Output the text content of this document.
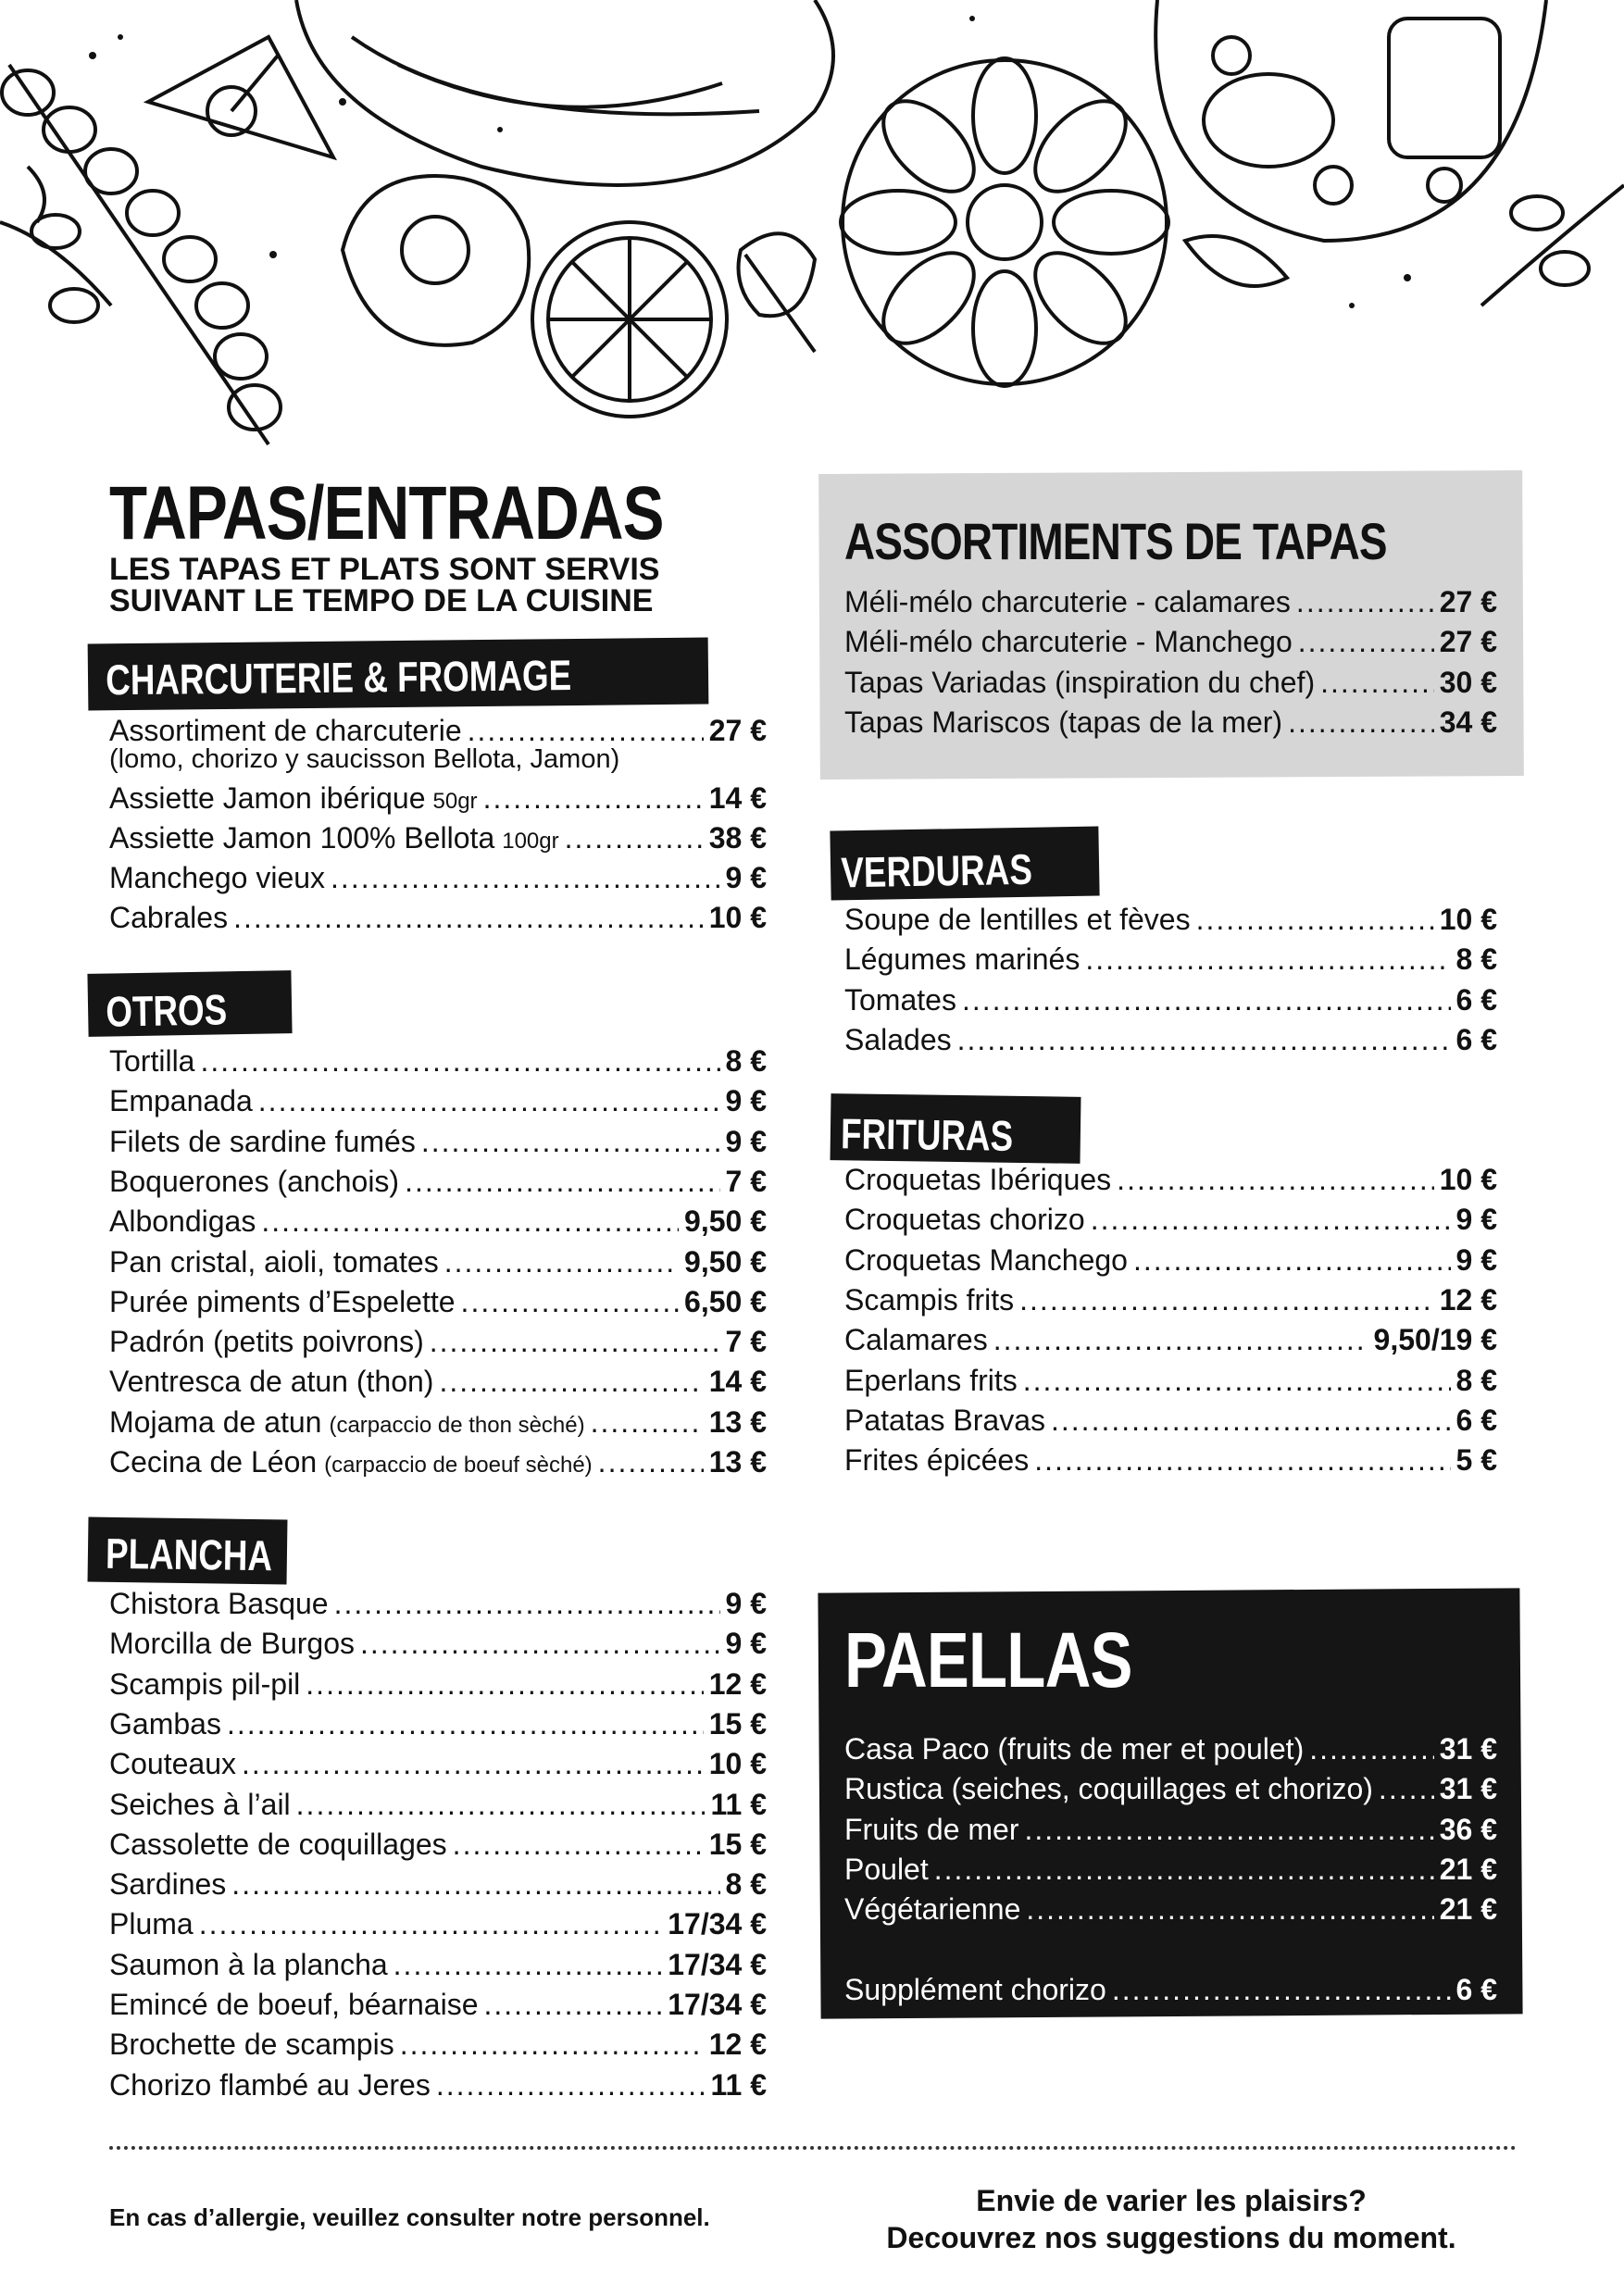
TAPAS/ENTRADAS
LES TAPAS ET PLATS SONT SERVIS
SUIVANT LE TEMPO DE LA CUISINE
CHARCUTERIE & FROMAGE
Assortiment de charcuterie .....	27 €
Assiette Jamon ibérique 50gr .....	14 €
Assiette Jamon 100% Bellota 100gr .....	38 €
Manchego vieux .....	9 €
Cabrales .....	10 €
(lomo, chorizo y saucisson Bellota, Jamon)
OTROS
Tortilla .....	8 €
Empanada .....	9 €
Filets de sardine fumés .....	9 €
Boquerones (anchois) .....	7 €
Albondigas .....	9,50 €
Pan cristal, aioli, tomates .....	9,50 €
Purée piments d’Espelette .....	6,50 €
Padrón (petits poivrons) .....	7 €
Ventresca de atun (thon) .....	14 €
Mojama de atun (carpaccio de thon sèché) .....	13 €
Cecina de Léon (carpaccio de boeuf sèché) .....	13 €
PLANCHA
Chistora Basque .....	9 €
Morcilla de Burgos .....	9 €
Scampis pil-pil .....	12 €
Gambas .....	15 €
Couteaux .....	10 €
Seiches à l’ail .....	11 €
Cassolette de coquillages .....	15 €
Sardines .....	8 €
Pluma .....	17/34 €
Saumon à la plancha .....	17/34 €
Emincé de boeuf, béarnaise .....	17/34 €
Brochette de scampis .....	12 €
Chorizo flambé au Jeres .....	11 €
ASSORTIMENTS DE TAPAS
Méli-mélo charcuterie - calamares .....	27 €
Méli-mélo charcuterie - Manchego .....	27 €
Tapas Variadas (inspiration du chef) .....	30 €
Tapas Mariscos (tapas de la mer) .....	34 €
VERDURAS
Soupe de lentilles et fèves .....	10 €
Légumes marinés .....	8 €
Tomates .....	6 €
Salades .....	6 €
FRITURAS
Croquetas Ibériques .....	10 €
Croquetas chorizo .....	9 €
Croquetas Manchego .....	9 €
Scampis frits .....	12 €
Calamares .....	9,50/19 €
Eperlans frits .....	8 €
Patatas Bravas .....	6 €
Frites épicées .....	5 €
PAELLAS
Casa Paco (fruits de mer et poulet) .....	31 €
Rustica (seiches, coquillages et chorizo) ..... 31 €
Fruits de mer .....	36 €
Poulet .....	21 €
Végétarienne .....	21 €
Supplément chorizo .....	6 €
En cas d’allergie, veuillez consulter notre personnel.	Envie de varier les plaisirs?
Decouvrez nos suggestions du moment.
